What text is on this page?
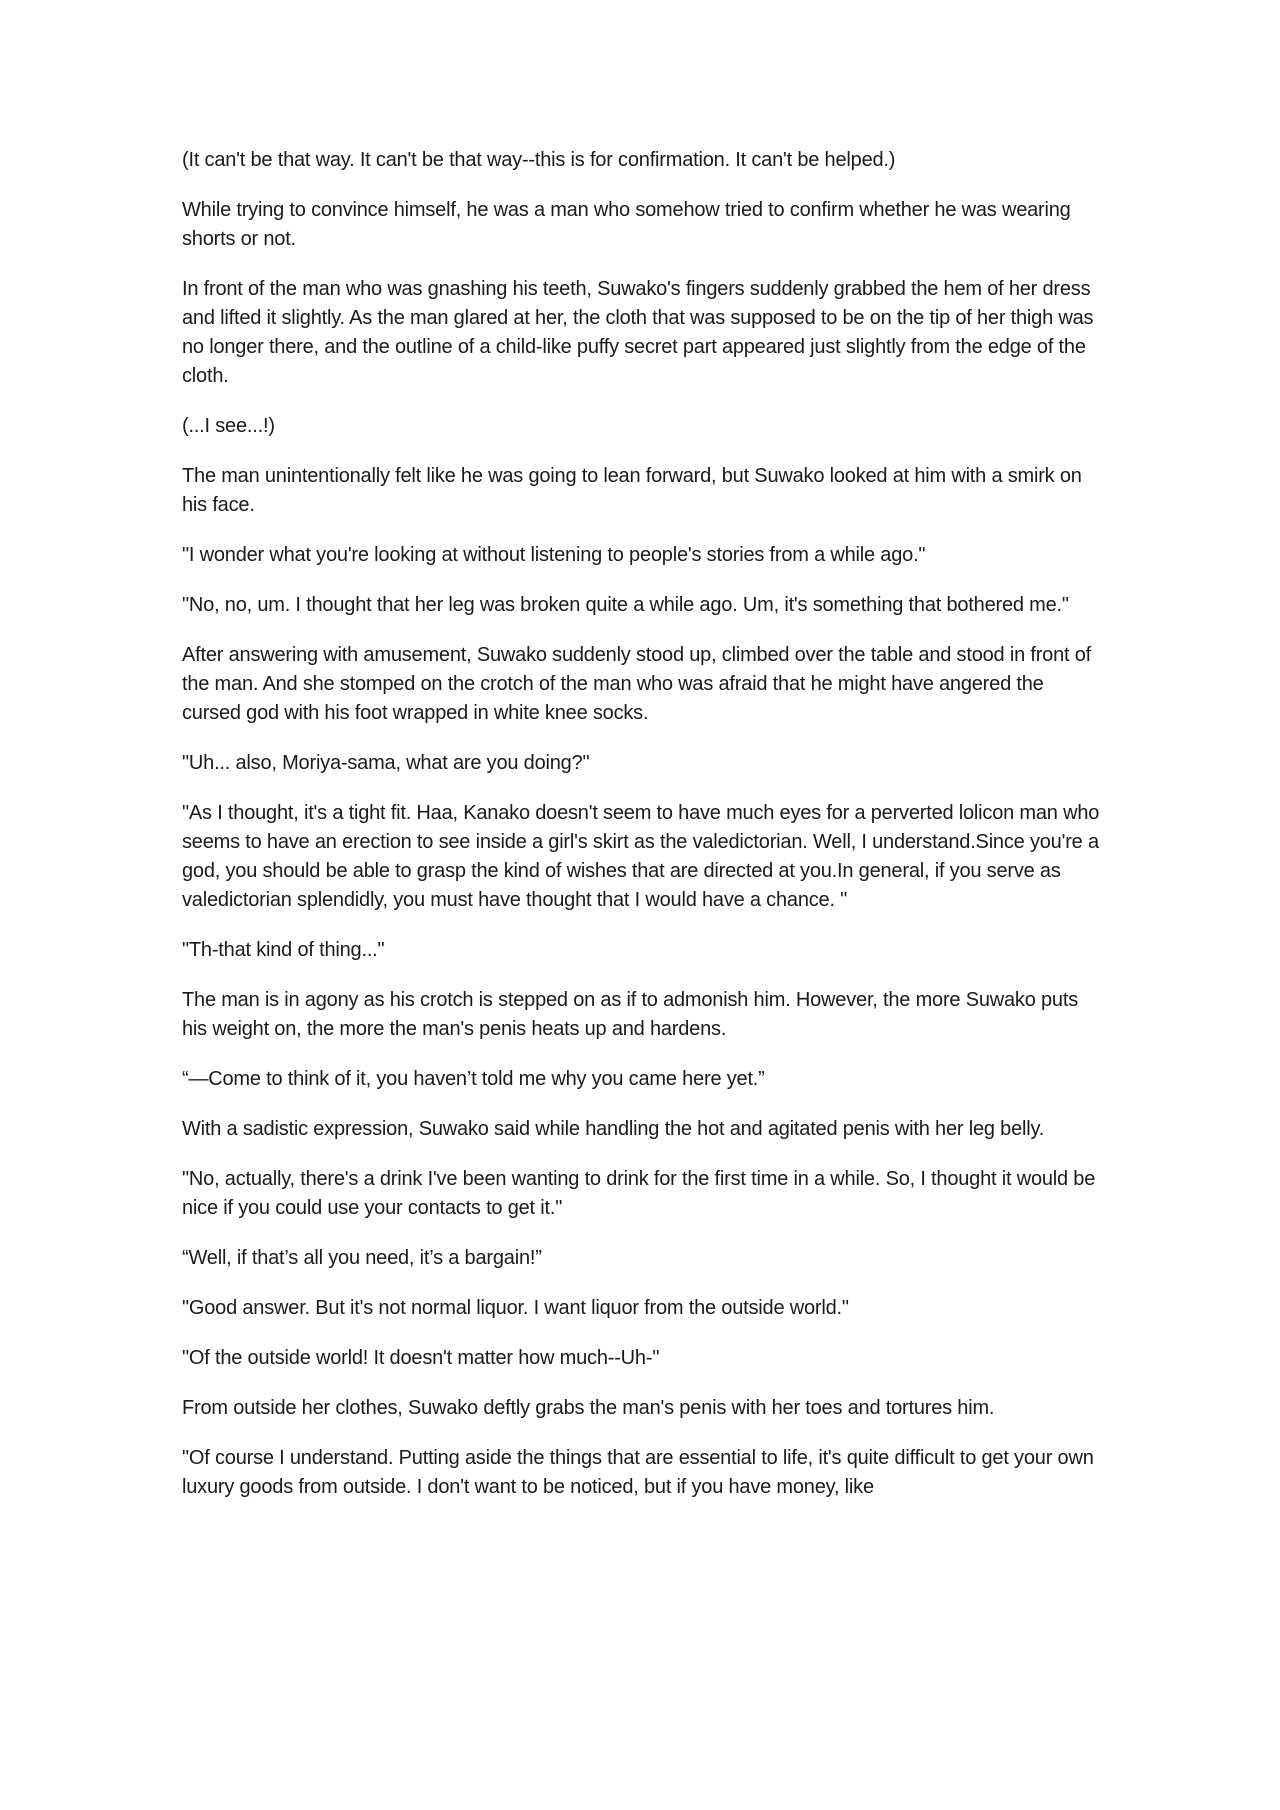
(It can't be that way. It can't be that way--this is for confirmation. It can't be helped.)

While trying to convince himself, he was a man who somehow tried to confirm whether he was wearing shorts or not.

In front of the man who was gnashing his teeth, Suwako's fingers suddenly grabbed the hem of her dress and lifted it slightly. As the man glared at her, the cloth that was supposed to be on the tip of her thigh was no longer there, and the outline of a child-like puffy secret part appeared just slightly from the edge of the cloth.

(...I see...!)

The man unintentionally felt like he was going to lean forward, but Suwako looked at him with a smirk on his face.

"I wonder what you're looking at without listening to people's stories from a while ago."

"No, no, um. I thought that her leg was broken quite a while ago. Um, it's something that bothered me."

After answering with amusement, Suwako suddenly stood up, climbed over the table and stood in front of the man. And she stomped on the crotch of the man who was afraid that he might have angered the cursed god with his foot wrapped in white knee socks.

"Uh... also, Moriya-sama, what are you doing?"

"As I thought, it's a tight fit. Haa, Kanako doesn't seem to have much eyes for a perverted lolicon man who seems to have an erection to see inside a girl's skirt as the valedictorian. Well, I understand.Since you're a god, you should be able to grasp the kind of wishes that are directed at you.In general, if you serve as valedictorian splendidly, you must have thought that I would have a chance. "

"Th-that kind of thing..."

The man is in agony as his crotch is stepped on as if to admonish him. However, the more Suwako puts his weight on, the more the man's penis heats up and hardens.

“—Come to think of it, you haven’t told me why you came here yet.”

With a sadistic expression, Suwako said while handling the hot and agitated penis with her leg belly.

"No, actually, there's a drink I've been wanting to drink for the first time in a while. So, I thought it would be nice if you could use your contacts to get it."

“Well, if that’s all you need, it’s a bargain!”

"Good answer. But it's not normal liquor. I want liquor from the outside world."

"Of the outside world! It doesn't matter how much--Uh-"

From outside her clothes, Suwako deftly grabs the man's penis with her toes and tortures him.

"Of course I understand. Putting aside the things that are essential to life, it's quite difficult to get your own luxury goods from outside. I don't want to be noticed, but if you have money, like
